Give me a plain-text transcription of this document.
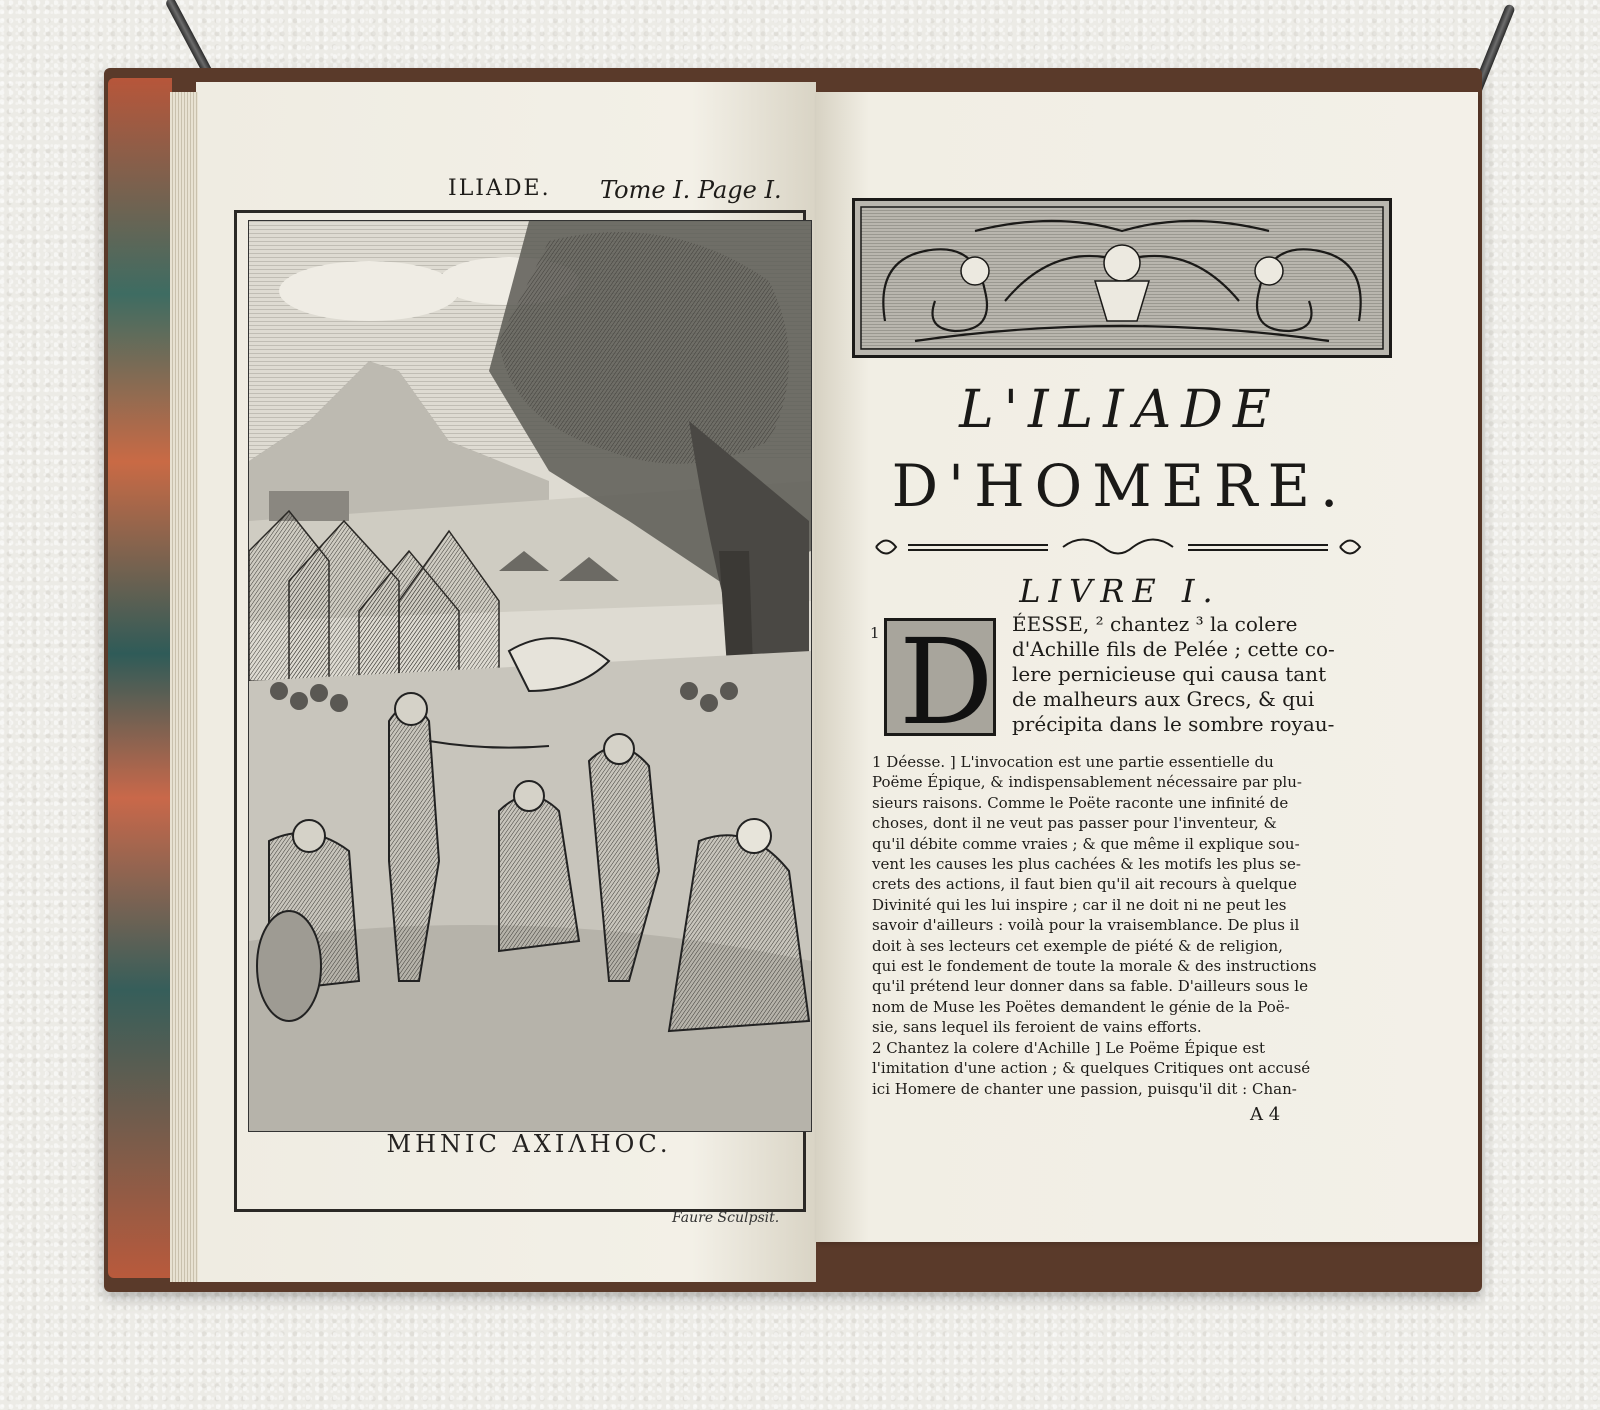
ILIADE. Tome I. Page I.
ΜΗΝΙC ΑΧΙΛΗΟC.
Faure Sculpsit.
L'ILIADE
D'HOMERE.
LIVRE I.
1 D ÉESSE, ² chantez ³ la colere
d'Achille fils de Pelée ; cette co-
lere pernicieuse qui causa tant
de malheurs aux Grecs, & qui
précipita dans le sombre royau-
1 Déesse. ] L'invocation est une partie essentielle du
Poëme Épique, & indispensablement nécessaire par plu-
sieurs raisons. Comme le Poëte raconte une infinité de
choses, dont il ne veut pas passer pour l'inventeur, &
qu'il débite comme vraies ; & que même il explique sou-
vent les causes les plus cachées & les motifs les plus se-
crets des actions, il faut bien qu'il ait recours à quelque
Divinité qui les lui inspire ; car il ne doit ni ne peut les
savoir d'ailleurs : voilà pour la vraisemblance. De plus il
doit à ses lecteurs cet exemple de piété & de religion,
qui est le fondement de toute la morale & des instructions
qu'il prétend leur donner dans sa fable. D'ailleurs sous le
nom de Muse les Poëtes demandent le génie de la Poë-
sie, sans lequel ils feroient de vains efforts.
2 Chantez la colere d'Achille ] Le Poëme Épique est
l'imitation d'une action ; & quelques Critiques ont accusé
ici Homere de chanter une passion, puisqu'il dit : Chan-
A 4
